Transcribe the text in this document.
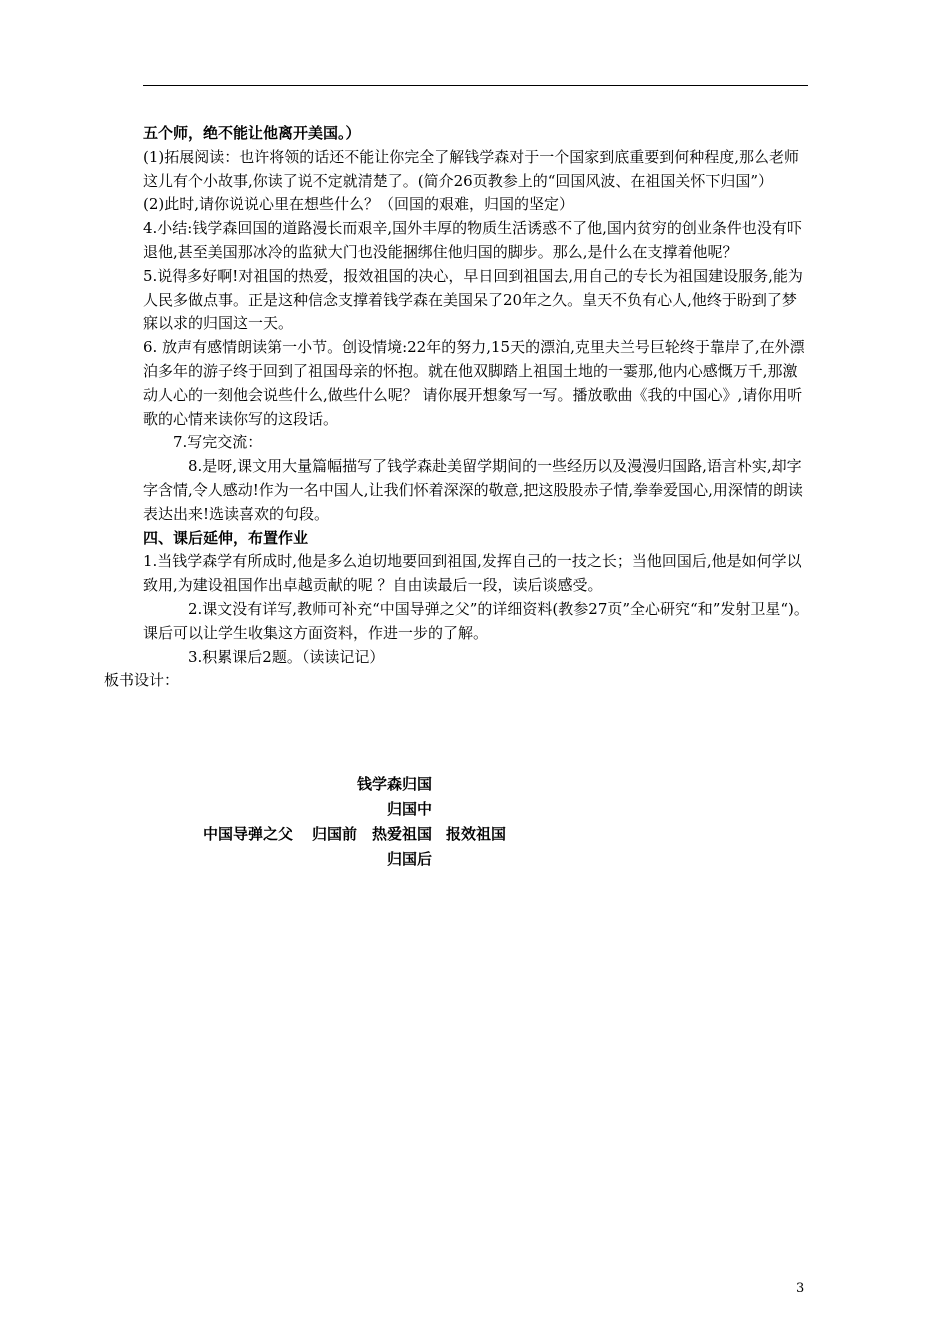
五个师，绝不能让他离开美国。）

(1)拓展阅读：也许将领的话还不能让你完全了解钱学森对于一个国家到底重要到何种程度,那么老师这儿有个小故事,你读了说不定就清楚了。(简介26页教参上的“回国风波、在祖国关怀下归国”）

(2)此时,请你说说心里在想些什么？（回国的艰难，归国的坚定）

4.小结:钱学森回国的道路漫长而艰辛,国外丰厚的物质生活诱惑不了他,国内贫穷的创业条件也没有吓退他,甚至美国那冰冷的监狱大门也没能捆绑住他归国的脚步。那么,是什么在支撑着他呢？

5.说得多好啊!对祖国的热爱，报效祖国的决心，早日回到祖国去,用自己的专长为祖国建设服务,能为人民多做点事。正是这种信念支撑着钱学森在美国呆了20年之久。皇天不负有心人,他终于盼到了梦寐以求的归国这一天。

6. 放声有感情朗读第一小节。创设情境:22年的努力,15天的漂泊,克里夫兰号巨轮终于靠岸了,在外漂泊多年的游子终于回到了祖国母亲的怀抱。就在他双脚踏上祖国土地的一霎那,他内心感慨万千,那激动人心的一刻他会说些什么,做些什么呢？ 请你展开想象写一写。播放歌曲《我的中国心》,请你用听歌的心情来读你写的这段话。

7.写完交流：

8.是呀,课文用大量篇幅描写了钱学森赴美留学期间的一些经历以及漫漫归国路,语言朴实,却字字含情,令人感动!作为一名中国人,让我们怀着深深的敬意,把这股股赤子情,拳拳爱国心,用深情的朗读表达出来!选读喜欢的句段。

四、课后延伸，布置作业

1.当钱学森学有所成时,他是多么迫切地要回到祖国,发挥自己的一技之长；当他回国后,他是如何学以致用,为建设祖国作出卓越贡献的呢 ？自由读最后一段，读后谈感受。

2.课文没有详写,教师可补充“中国导弹之父”的详细资料(教参27页”全心研究“和”发射卫星“)。课后可以让学生收集这方面资料，作进一步的了解。

3.积累课后2题。（读读记记）

板书设计：

钱学森归国
归国中
中国导弹之父 归国前 热爱祖国 报效祖国
归国后
3
